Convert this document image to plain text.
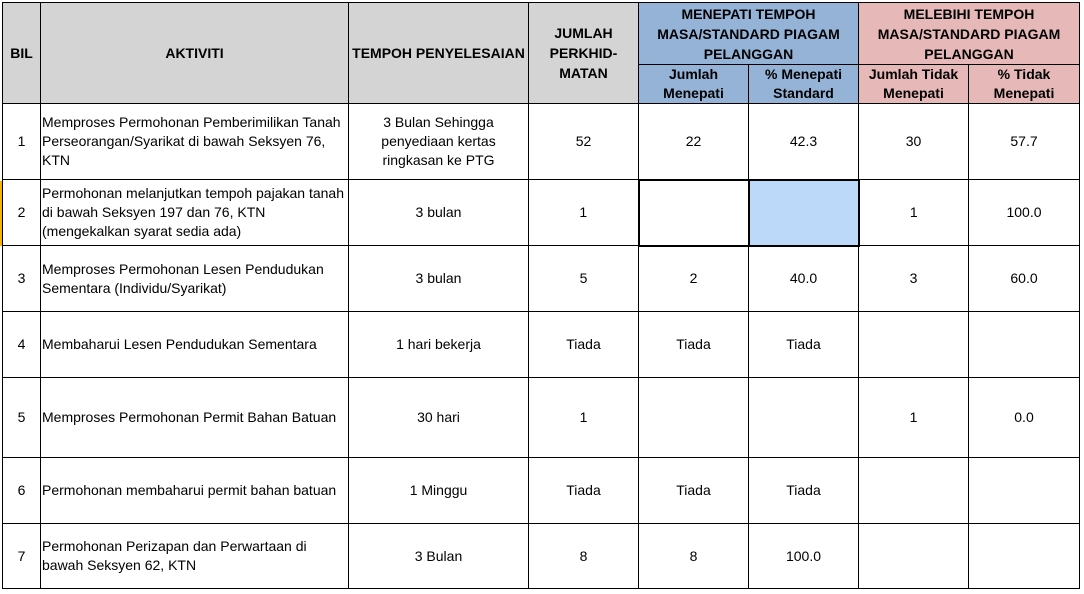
BIL	AKTIVITI	TEMPOH PENYELESAIAN	JUMLAH PERKHID-MATAN	MENEPATI TEMPOH MASA/STANDARD PIAGAM PELANGGAN		MELEBIHI TEMPOH MASA/STANDARD PIAGAM PELANGGAN	
				Jumlah Menepati	% Menepati Standard	Jumlah Tidak Menepati	% Tidak Menepati
1	Memproses Permohonan Pemberimilikan Tanah Perseorangan/Syarikat di bawah Seksyen 76, KTN	3 Bulan Sehingga penyediaan kertas ringkasan ke PTG	52	22	42.3	30	57.7
2	Permohonan melanjutkan tempoh pajakan tanah di bawah Seksyen 197 dan 76, KTN (mengekalkan syarat sedia ada)	3 bulan	1			1	100.0
3	Memproses Permohonan Lesen Pendudukan Sementara (Individu/Syarikat)	3 bulan	5	2	40.0	3	60.0
4	Membaharui Lesen Pendudukan Sementara	1 hari bekerja	Tiada	Tiada	Tiada		
5	Memproses Permohonan Permit Bahan Batuan	30 hari	1			1	0.0
6	Permohonan membaharui permit bahan batuan	1 Minggu	Tiada	Tiada	Tiada		
7	Permohonan Perizapan dan Perwartaan di bawah Seksyen 62, KTN	3 Bulan	8	8	100.0		
